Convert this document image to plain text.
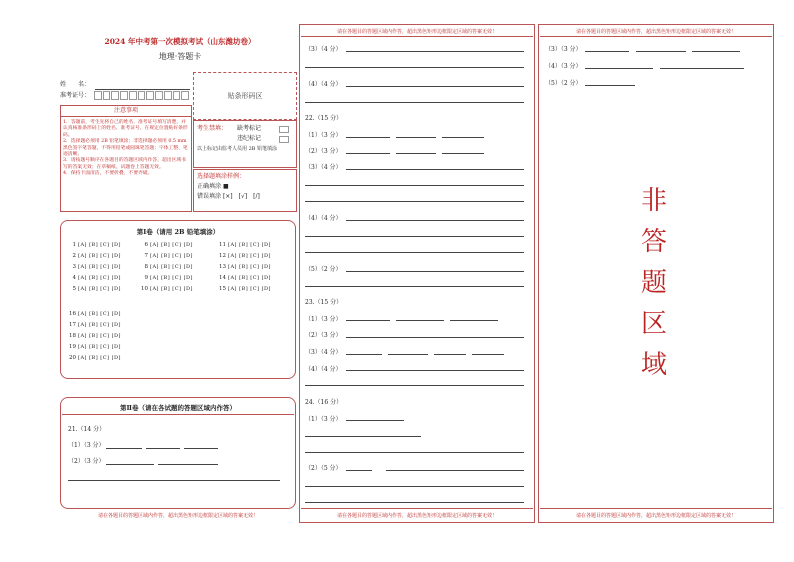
2024 年中考第一次模拟考试（山东潍坊卷）
地理·答题卡
姓　　名：
准考证号：
注意事项
1．答题前，考生先将自己的姓名、准考证号填写清楚，并认真核准条形码上的姓名、准考证号，在规定位置贴好条形码。
2．选择题必须用 2B 铅笔填涂；非选择题必须用 0.5 mm 黑色签字笔答题，不得用铅笔或圆珠笔答题；字体工整、笔迹清晰。
3．请按题号顺序在各题目的答题区域内作答，超出区域书写的答案无效；在草稿纸、试题卷上答题无效。
4．保持卡面清洁，不要折叠、不要弄破。
贴条形码区
考生禁填： 缺考标记
违纪标记
以上标记由监考人员用 2B 铅笔填涂
选择题填涂样例：
正确填涂 ■
错误填涂 [×]　[√]　[/]
第Ⅰ卷（请用 2B 铅笔填涂）
1 [A] [B] [C] [D]
2 [A] [B] [C] [D]
3 [A] [B] [C] [D]
4 [A] [B] [C] [D]
5 [A] [B] [C] [D]
6 [A] [B] [C] [D]
7 [A] [B] [C] [D]
8 [A] [B] [C] [D]
9 [A] [B] [C] [D]
10 [A] [B] [C] [D]
11 [A] [B] [C] [D]
12 [A] [B] [C] [D]
13 [A] [B] [C] [D]
14 [A] [B] [C] [D]
15 [A] [B] [C] [D]
16 [A] [B] [C] [D]
17 [A] [B] [C] [D]
18 [A] [B] [C] [D]
19 [A] [B] [C] [D]
20 [A] [B] [C] [D]
第Ⅱ卷（请在各试题的答题区域内作答）
21.（14 分）
（1）（3 分）
（2）（3 分）
请在各题目的答题区域内作答，超出黑色矩形边框限定区域的答案无效！
请在各题目的答题区域内作答，超出黑色矩形边框限定区域的答案无效！
（3）（4 分）
（4）（4 分）
22.（15 分）
（1）（3 分）
（2）（3 分）
（3）（4 分）
（4）（4 分）
（5）（2 分）
23.（15 分）
（1）（3 分）
（2）（3 分）
（3）（4 分）
（4）（4 分）
24.（16 分）
（1）（3 分）
（2）（5 分）
请在各题目的答题区域内作答，超出黑色矩形边框限定区域的答案无效！
请在各题目的答题区域内作答，超出黑色矩形边框限定区域的答案无效！
（3）（3 分）
（4）（3 分）
（5）（2 分）
非
答
题
区
域
请在各题目的答题区域内作答，超出黑色矩形边框限定区域的答案无效！
